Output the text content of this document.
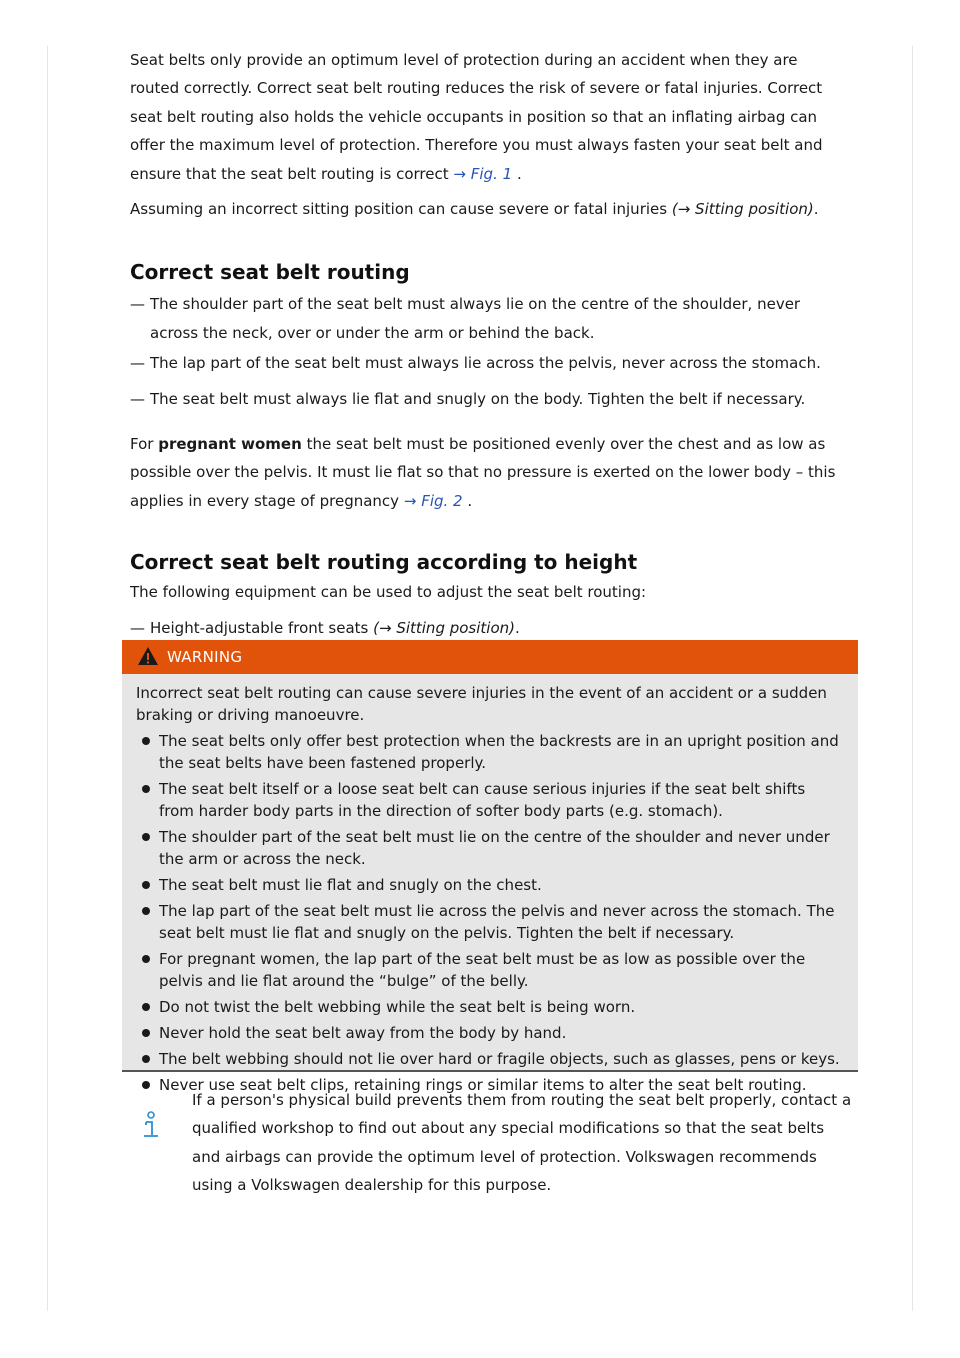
Seat belts only provide an optimum level of protection during an accident when they are routed correctly. Correct seat belt routing reduces the risk of severe or fatal injuries. Correct seat belt routing also holds the vehicle occupants in position so that an inflating airbag can offer the maximum level of protection. Therefore you must always fasten your seat belt and ensure that the seat belt routing is correct → Fig. 1 .

Assuming an incorrect sitting position can cause severe or fatal injuries (→ Sitting position).

Correct seat belt routing

— The shoulder part of the seat belt must always lie on the centre of the shoulder, never across the neck, over or under the arm or behind the back.

— The lap part of the seat belt must always lie across the pelvis, never across the stomach.

— The seat belt must always lie flat and snugly on the body. Tighten the belt if necessary.

For pregnant women the seat belt must be positioned evenly over the chest and as low as possible over the pelvis. It must lie flat so that no pressure is exerted on the lower body – this applies in every stage of pregnancy → Fig. 2 .

Correct seat belt routing according to height

The following equipment can be used to adjust the seat belt routing:

— Height-adjustable front seats (→ Sitting position).

WARNING

Incorrect seat belt routing can cause severe injuries in the event of an accident or a sudden braking or driving manoeuvre.

The seat belts only offer best protection when the backrests are in an upright position and the seat belts have been fastened properly.
The seat belt itself or a loose seat belt can cause serious injuries if the seat belt shifts from harder body parts in the direction of softer body parts (e.g. stomach).
The shoulder part of the seat belt must lie on the centre of the shoulder and never under the arm or across the neck.
The seat belt must lie flat and snugly on the chest.
The lap part of the seat belt must lie across the pelvis and never across the stomach. The seat belt must lie flat and snugly on the pelvis. Tighten the belt if necessary.
For pregnant women, the lap part of the seat belt must be as low as possible over the pelvis and lie flat around the “bulge” of the belly.
Do not twist the belt webbing while the seat belt is being worn.
Never hold the seat belt away from the body by hand.
The belt webbing should not lie over hard or fragile objects, such as glasses, pens or keys.
Never use seat belt clips, retaining rings or similar items to alter the seat belt routing.
If a person's physical build prevents them from routing the seat belt properly, contact a qualified workshop to find out about any special modifications so that the seat belts and airbags can provide the optimum level of protection. Volkswagen recommends using a Volkswagen dealership for this purpose.
